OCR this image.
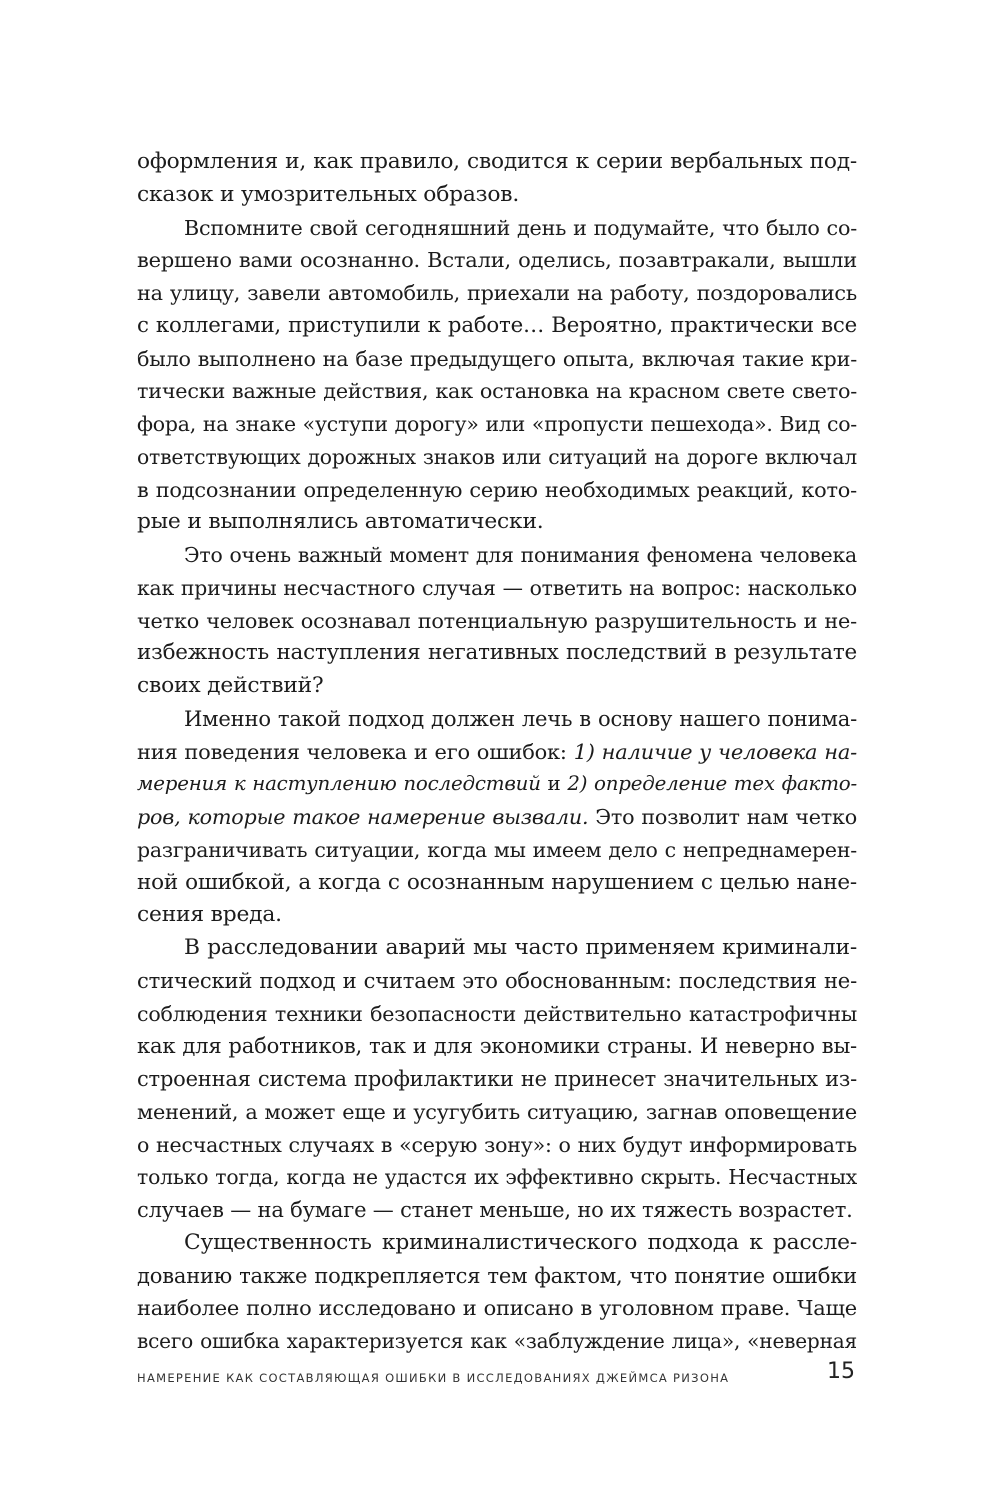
оформления и, как правило, сводится к серии вербальных под-
сказок и умозрительных образов.
Вспомните свой сегодняшний день и подумайте, что было со-
вершено вами осознанно. Встали, оделись, позавтракали, вышли
на улицу, завели автомобиль, приехали на работу, поздоровались
с коллегами, приступили к работе… Вероятно, практически все
было выполнено на базе предыдущего опыта, включая такие кри-
тически важные действия, как остановка на красном свете свето-
фора, на знаке «уступи дорогу» или «пропусти пешехода». Вид со-
ответствующих дорожных знаков или ситуаций на дороге включал
в подсознании определенную серию необходимых реакций, кото-
рые и выполнялись автоматически.
Это очень важный момент для понимания феномена человека
как причины несчастного случая — ответить на вопрос: насколько
четко человек осознавал потенциальную разрушительность и не-
избежность наступления негативных последствий в результате
своих действий?
Именно такой подход должен лечь в основу нашего понима-
ния поведения человека и его ошибок: 1) наличие у человека на-
мерения к наступлению последствий и 2) определение тех факто-
ров, которые такое намерение вызвали. Это позволит нам четко
разграничивать ситуации, когда мы имеем дело с непреднамерен-
ной ошибкой, а когда с осознанным нарушением с целью нане-
сения вреда.
В расследовании аварий мы часто применяем криминали-
стический подход и считаем это обоснованным: последствия не-
соблюдения техники безопасности действительно катастрофичны
как для работников, так и для экономики страны. И неверно вы-
строенная система профилактики не принесет значительных из-
менений, а может еще и усугубить ситуацию, загнав оповещение
о несчастных случаях в «серую зону»: о них будут информировать
только тогда, когда не удастся их эффективно скрыть. Несчастных
случаев — на бумаге — станет меньше, но их тяжесть возрастет.
Существенность криминалистического подхода к рассле-
дованию также подкрепляется тем фактом, что понятие ошибки
наиболее полно исследовано и описано в уголовном праве. Чаще
всего ошибка характеризуется как «заблуждение лица», «неверная
НАМЕРЕНИЕ КАК СОСТАВЛЯЮЩАЯ ОШИБКИ В ИССЛЕДОВАНИЯХ ДЖЕЙМСА РИЗОНА	15
